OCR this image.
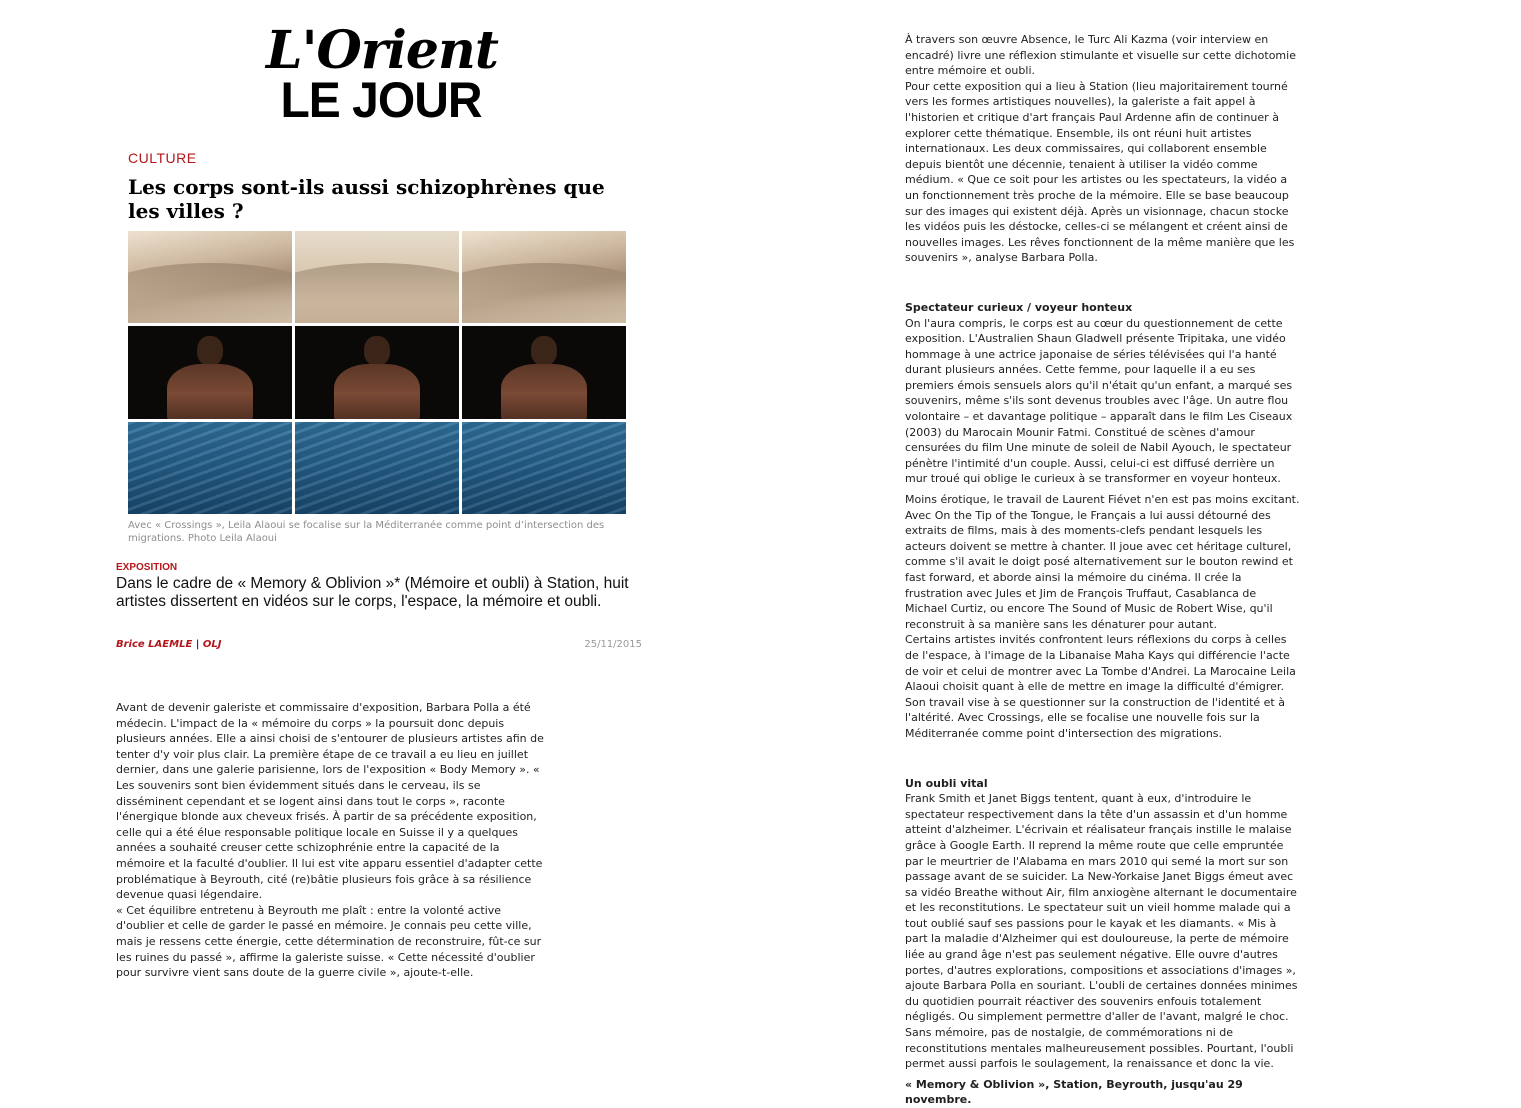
L'Orient
LE JOUR
CULTURE
Les corps sont-ils aussi schizophrènes que les villes ?
Avec « Crossings », Leila Alaoui se focalise sur la Méditerranée comme point d’intersection des migrations. Photo Leila Alaoui
EXPOSITION
Dans le cadre de « Memory & Oblivion »* (Mémoire et oubli) à Station, huit artistes dissertent en vidéos sur le corps, l'espace, la mémoire et oubli.
Brice LAEMLE | OLJ	25/11/2015

Avant de devenir galeriste et commissaire d'exposition, Barbara Polla a été médecin. L'impact de la « mémoire du corps » la poursuit donc depuis plusieurs années. Elle a ainsi choisi de s'entourer de plusieurs artistes afin de tenter d'y voir plus clair. La première étape de ce travail a eu lieu en juillet dernier, dans une galerie parisienne, lors de l'exposition « Body Memory ». « Les souvenirs sont bien évidemment situés dans le cerveau, ils se disséminent cependant et se logent ainsi dans tout le corps », raconte l'énergique blonde aux cheveux frisés. À partir de sa précédente exposition, celle qui a été élue responsable politique locale en Suisse il y a quelques années a souhaité creuser cette schizophrénie entre la capacité de la mémoire et la faculté d'oublier. Il lui est vite apparu essentiel d'adapter cette problématique à Beyrouth, cité (re)bâtie plusieurs fois grâce à sa résilience devenue quasi légendaire.

« Cet équilibre entretenu à Beyrouth me plaît : entre la volonté active d'oublier et celle de garder le passé en mémoire. Je connais peu cette ville, mais je ressens cette énergie, cette détermination de reconstruire, fût-ce sur les ruines du passé », affirme la galeriste suisse. « Cette nécessité d'oublier pour survivre vient sans doute de la guerre civile », ajoute-t-elle.

À travers son œuvre Absence, le Turc Ali Kazma (voir interview en encadré) livre une réflexion stimulante et visuelle sur cette dichotomie entre mémoire et oubli.

Pour cette exposition qui a lieu à Station (lieu majoritairement tourné vers les formes artistiques nouvelles), la galeriste a fait appel à l'historien et critique d'art français Paul Ardenne afin de continuer à explorer cette thématique. Ensemble, ils ont réuni huit artistes internationaux. Les deux commissaires, qui collaborent ensemble depuis bientôt une décennie, tenaient à utiliser la vidéo comme médium. « Que ce soit pour les artistes ou les spectateurs, la vidéo a un fonctionnement très proche de la mémoire. Elle se base beaucoup sur des images qui existent déjà. Après un visionnage, chacun stocke les vidéos puis les déstocke, celles-ci se mélangent et créent ainsi de nouvelles images. Les rêves fonctionnent de la même manière que les souvenirs », analyse Barbara Polla.

Spectateur curieux / voyeur honteux

On l'aura compris, le corps est au cœur du questionnement de cette exposition. L'Australien Shaun Gladwell présente Tripitaka, une vidéo hommage à une actrice japonaise de séries télévisées qui l'a hanté durant plusieurs années. Cette femme, pour laquelle il a eu ses premiers émois sensuels alors qu'il n'était qu'un enfant, a marqué ses souvenirs, même s'ils sont devenus troubles avec l'âge. Un autre flou volontaire – et davantage politique – apparaît dans le film Les Ciseaux (2003) du Marocain Mounir Fatmi. Constitué de scènes d'amour censurées du film Une minute de soleil de Nabil Ayouch, le spectateur pénètre l'intimité d'un couple. Aussi, celui-ci est diffusé derrière un mur troué qui oblige le curieux à se transformer en voyeur honteux.

Moins érotique, le travail de Laurent Fiévet n'en est pas moins excitant. Avec On the Tip of the Tongue, le Français a lui aussi détourné des extraits de films, mais à des moments-clefs pendant lesquels les acteurs doivent se mettre à chanter. Il joue avec cet héritage culturel, comme s'il avait le doigt posé alternativement sur le bouton rewind et fast forward, et aborde ainsi la mémoire du cinéma. Il crée la frustration avec Jules et Jim de François Truffaut, Casablanca de Michael Curtiz, ou encore The Sound of Music de Robert Wise, qu'il reconstruit à sa manière sans les dénaturer pour autant.

Certains artistes invités confrontent leurs réflexions du corps à celles de l'espace, à l'image de la Libanaise Maha Kays qui différencie l'acte de voir et celui de montrer avec La Tombe d'Andrei. La Marocaine Leila Alaoui choisit quant à elle de mettre en image la difficulté d'émigrer. Son travail vise à se questionner sur la construction de l'identité et à l'altérité. Avec Crossings, elle se focalise une nouvelle fois sur la Méditerranée comme point d'intersection des migrations.

Un oubli vital

Frank Smith et Janet Biggs tentent, quant à eux, d'introduire le spectateur respectivement dans la tête d'un assassin et d'un homme atteint d'alzheimer. L'écrivain et réalisateur français instille le malaise grâce à Google Earth. Il reprend la même route que celle empruntée par le meurtrier de l'Alabama en mars 2010 qui semé la mort sur son passage avant de se suicider. La New-Yorkaise Janet Biggs émeut avec sa vidéo Breathe without Air, film anxiogène alternant le documentaire et les reconstitutions. Le spectateur suit un vieil homme malade qui a tout oublié sauf ses passions pour le kayak et les diamants. « Mis à part la maladie d'Alzheimer qui est douloureuse, la perte de mémoire liée au grand âge n'est pas seulement négative. Elle ouvre d'autres portes, d'autres explorations, compositions et associations d'images », ajoute Barbara Polla en souriant. L'oubli de certaines données minimes du quotidien pourrait réactiver des souvenirs enfouis totalement négligés. Ou simplement permettre d'aller de l'avant, malgré le choc. Sans mémoire, pas de nostalgie, de commémorations ni de reconstitutions mentales malheureusement possibles. Pourtant, l'oubli permet aussi parfois le soulagement, la renaissance et donc la vie.

« Memory & Oblivion », Station, Beyrouth, jusqu'au 29 novembre.
